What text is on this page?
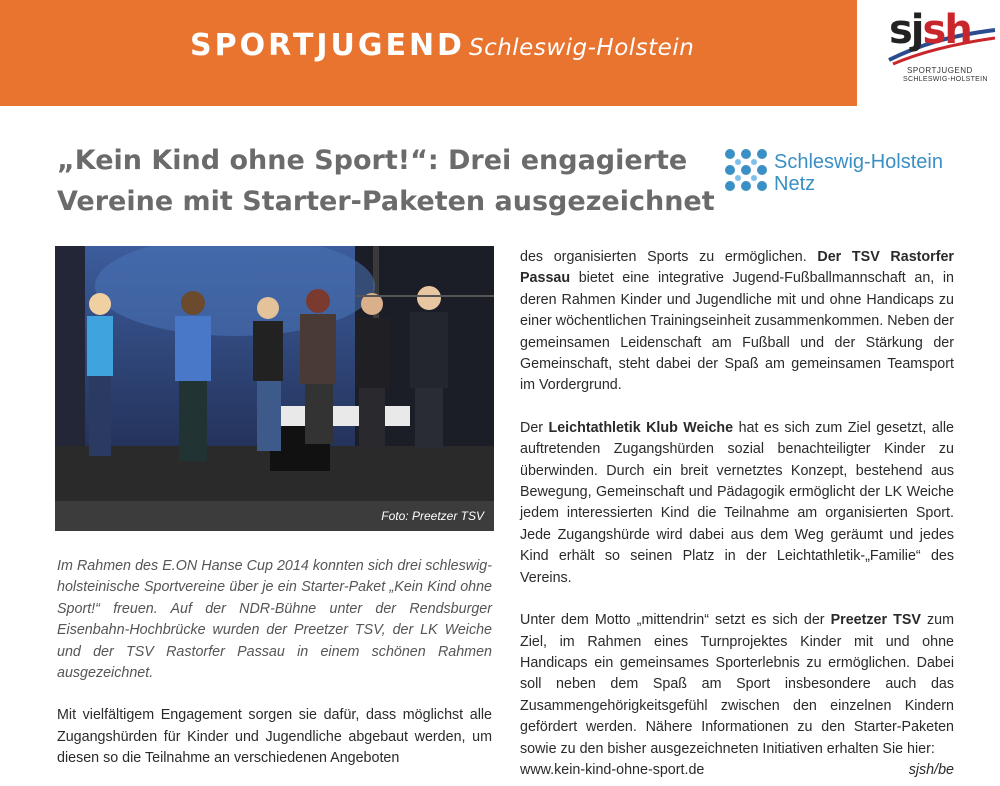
SPORTJUGEND Schleswig-Holstein	sjsh
SPORTJUGEND
SCHLESWIG-HOLSTEIN
„Kein Kind ohne Sport!“: Drei engagierte Vereine mit Starter-Paketen ausgezeichnet
Schleswig-Holstein
Netz
Foto: Preetzer TSV

Im Rahmen des E.ON Hanse Cup 2014 konnten sich drei schleswig-holsteinische Sportvereine über je ein Starter-Paket „Kein Kind ohne Sport!“ freuen. Auf der NDR-Bühne unter der Rendsburger Eisenbahn-Hochbrücke wurden der Preetzer TSV, der LK Weiche und der TSV Rastorfer Passau in einem schönen Rahmen ausgezeichnet.

Mit vielfältigem Engagement sorgen sie dafür, dass möglichst alle Zugangshürden für Kinder und Jugendliche abgebaut werden, um diesen so die Teilnahme an verschiedenen Angeboten

des organisierten Sports zu ermöglichen. Der TSV Rastorfer Passau bietet eine integrative Jugend-Fußballmannschaft an, in deren Rahmen Kinder und Jugendliche mit und ohne Handicaps zu einer wöchentlichen Trainingseinheit zusammenkommen. Neben der gemeinsamen Leidenschaft am Fußball und der Stärkung der Gemeinschaft, steht dabei der Spaß am gemeinsamen Teamsport im Vordergrund.

Der Leichtathletik Klub Weiche hat es sich zum Ziel gesetzt, alle auftretenden Zugangshürden sozial benachteiligter Kinder zu überwinden. Durch ein breit vernetztes Konzept, bestehend aus Bewegung, Gemeinschaft und Pädagogik ermöglicht der LK Weiche jedem interessierten Kind die Teilnahme am organisierten Sport. Jede Zugangshürde wird dabei aus dem Weg geräumt und jedes Kind erhält so seinen Platz in der Leichtathletik-„Familie“ des Vereins.

Unter dem Motto „mittendrin“ setzt es sich der Preetzer TSV zum Ziel, im Rahmen eines Turnprojektes Kinder mit und ohne Handicaps ein gemeinsames Sporterlebnis zu ermöglichen. Dabei soll neben dem Spaß am Sport insbesondere auch das Zusammengehörigkeitsgefühl zwischen den einzelnen Kindern gefördert werden. Nähere Informationen zu den Starter-Paketen sowie zu den bisher ausgezeichneten Initiativen erhalten Sie hier:
www.kein-kind-ohne-sport.de	sjsh/be
